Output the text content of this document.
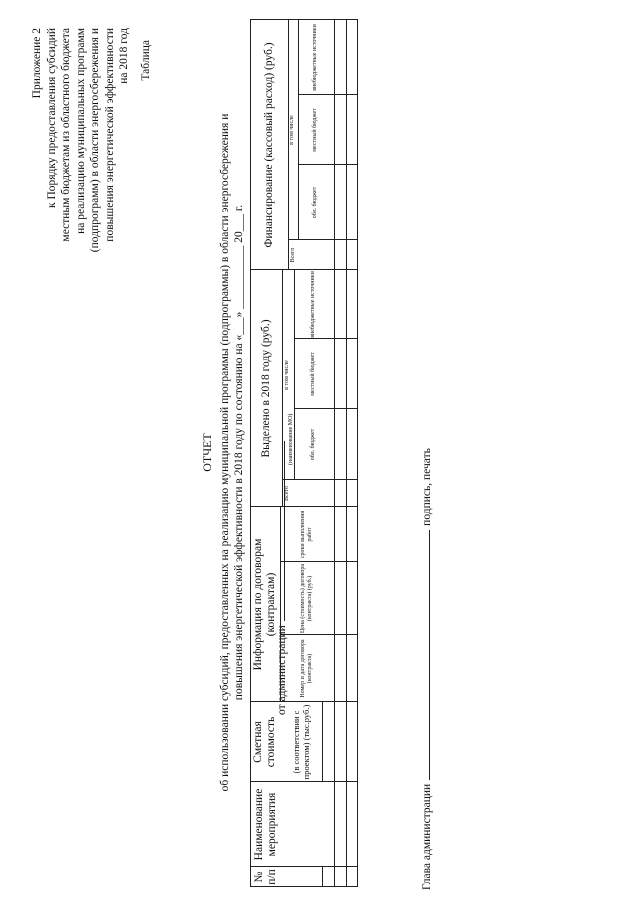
Приложение 2 к Порядку предоставления субсидий местным бюджетам из областного бюджета на реализацию муниципальных программ (подпрограмм) в области энергосбережения и повышения энергетической эффективности на 2018 год Таблица
ОТЧЕТ об использовании субсидий, предоставленных на реализацию муниципальной программы (подпрограммы) в области энергосбережения и повышения энергетической эффективности в 2018 году по состоянию на «___» ___________ 20___ г.	от администрации
(наименование МО)
№ п/п
Наименование мероприятия
Сметная стоимость	(в соответствии с проектом) (тыс.руб.)
Информация по договорам (контрактам)
Номер и дата договора (контракта)
Цена (стоимость) договора (контракта) (руб.)
сроки выполнения работ
Выделено в 2018 году (руб.)
Всего
в том числе
обл. бюджет
местный бюджет
внебюджетные источники
Финансирование (кассовый расход) (руб.)
Всего
в том числе
обл. бюджет
местный бюджет
внебюджетные источники
Глава администрацииподпись, печать
